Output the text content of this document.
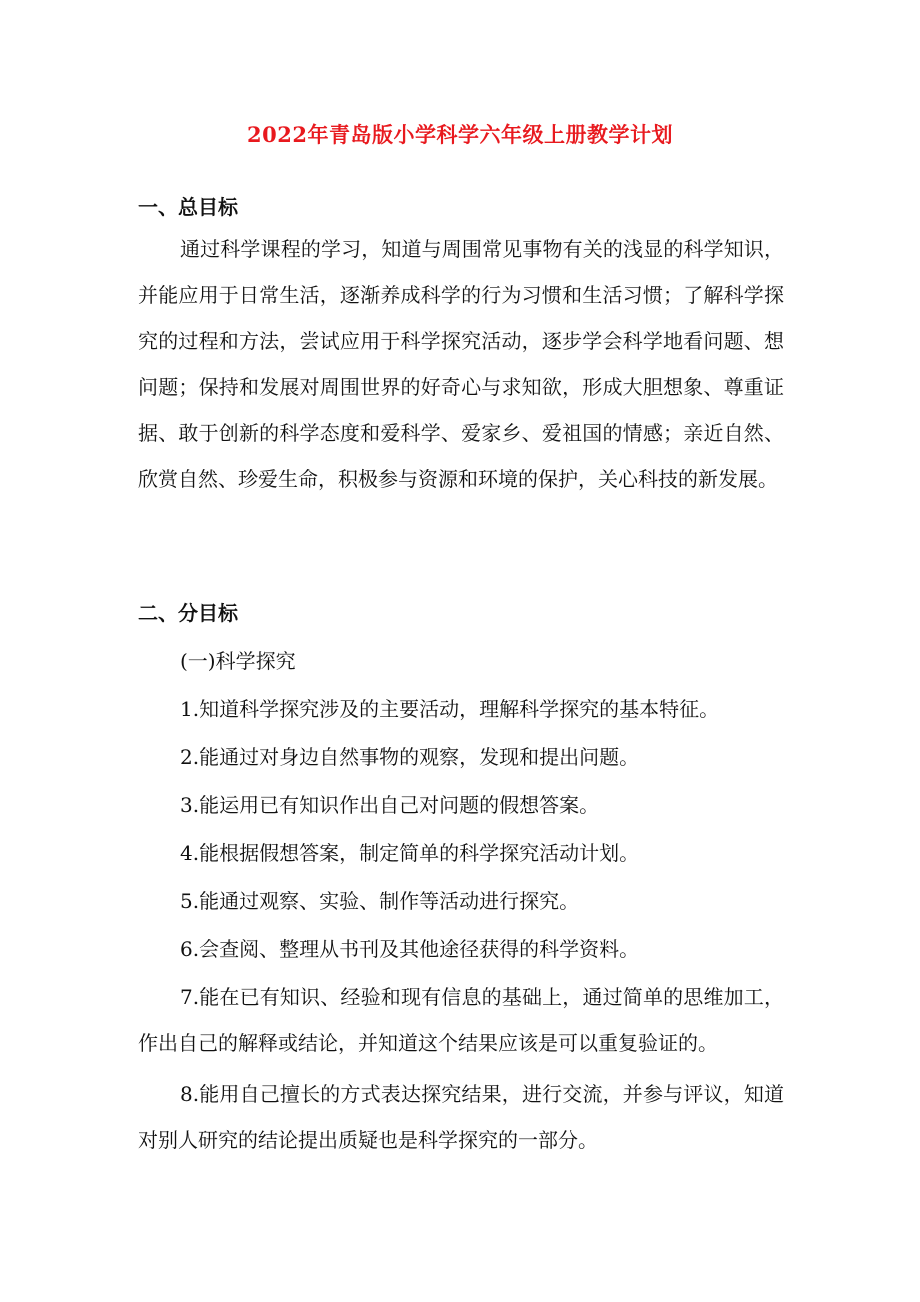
2022年青岛版小学科学六年级上册教学计划
一、总目标

通过科学课程的学习，知道与周围常见事物有关的浅显的科学知识，并能应用于日常生活，逐渐养成科学的行为习惯和生活习惯；了解科学探究的过程和方法，尝试应用于科学探究活动，逐步学会科学地看问题、想问题；保持和发展对周围世界的好奇心与求知欲，形成大胆想象、尊重证据、敢于创新的科学态度和爱科学、爱家乡、爱祖国的情感；亲近自然、欣赏自然、珍爱生命，积极参与资源和环境的保护，关心科技的新发展。

二、分目标
(一)科学探究
1.知道科学探究涉及的主要活动，理解科学探究的基本特征。
2.能通过对身边自然事物的观察，发现和提出问题。
3.能运用已有知识作出自己对问题的假想答案。
4.能根据假想答案，制定简单的科学探究活动计划。
5.能通过观察、实验、制作等活动进行探究。
6.会查阅、整理从书刊及其他途径获得的科学资料。

7.能在已有知识、经验和现有信息的基础上，通过简单的思维加工，作出自己的解释或结论，并知道这个结果应该是可以重复验证的。

8.能用自己擅长的方式表达探究结果，进行交流，并参与评议，知道对别人研究的结论提出质疑也是科学探究的一部分。
